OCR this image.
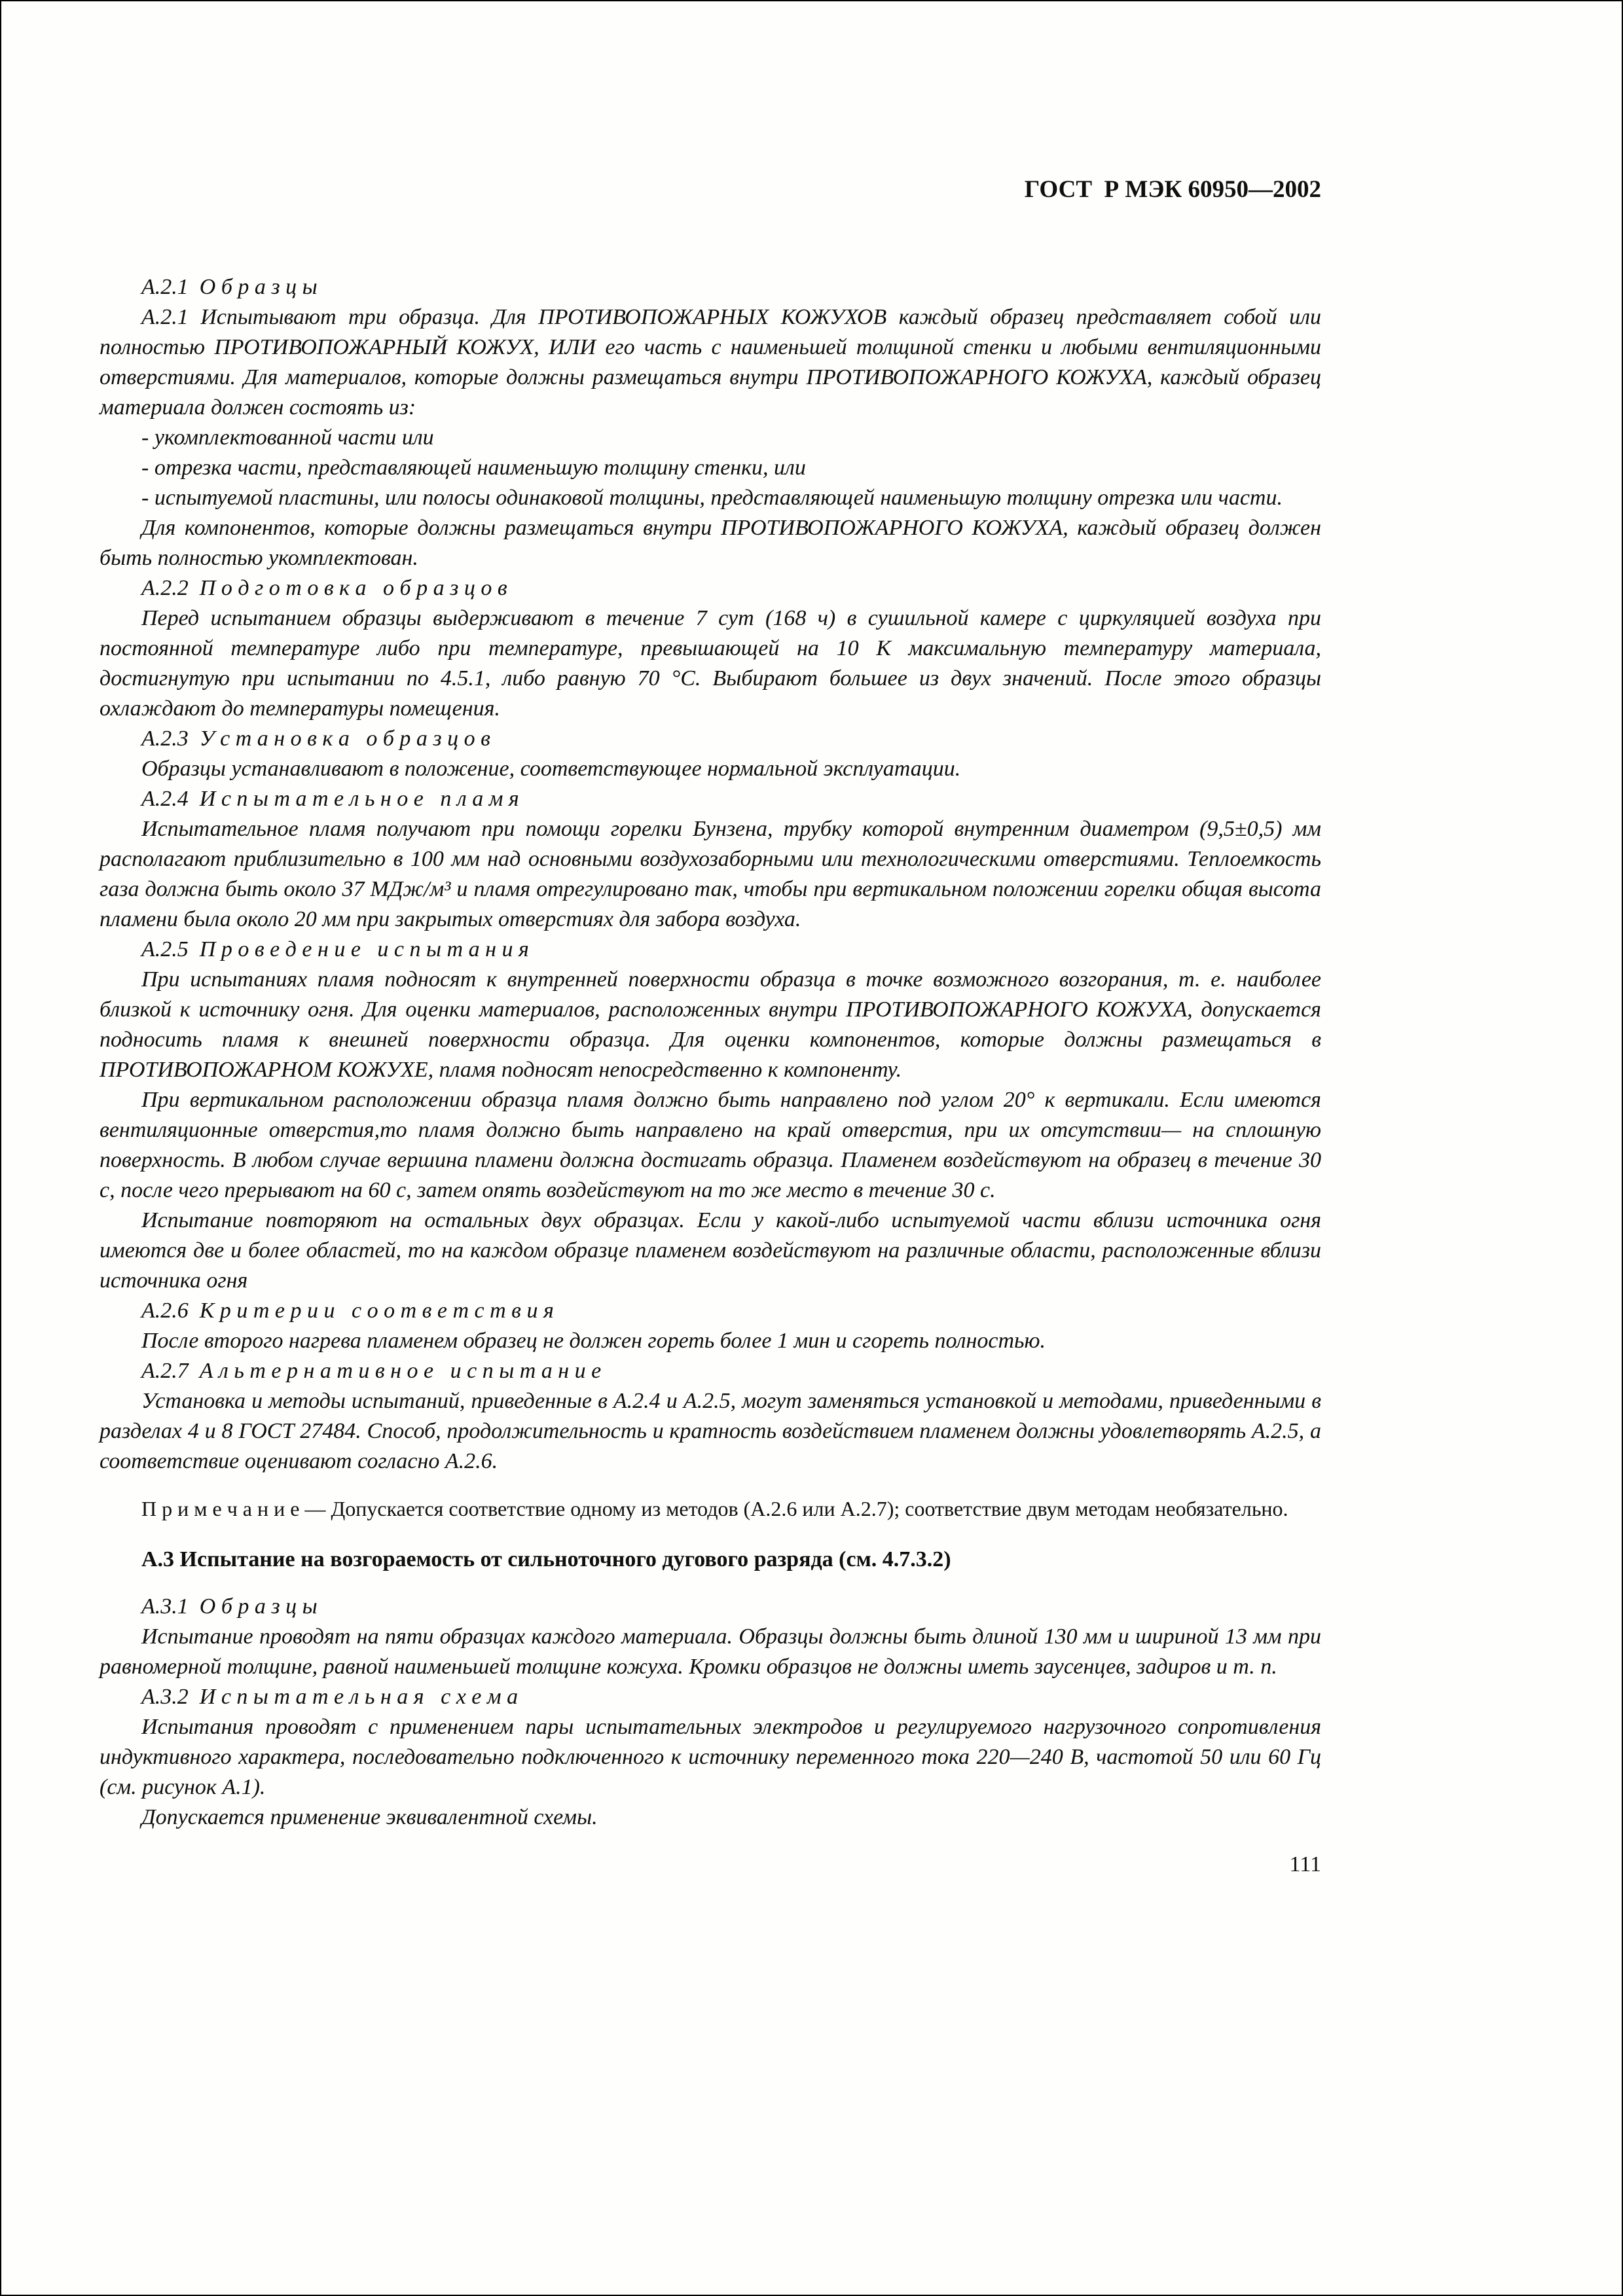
ГОСТ  Р МЭК 60950—2002

А.2.1  О б р а з ц ы

А.2.1 Испытывают три образца. Для ПРОТИВОПОЖАРНЫХ КОЖУХОВ каждый образец представляет собой или полностью ПРОТИВОПОЖАРНЫЙ КОЖУХ, ИЛИ его часть с наименьшей толщиной стенки и любыми вентиляционными отверстиями. Для материалов, которые должны размещаться внутри ПРОТИВОПОЖАРНОГО КОЖУХА, каждый образец материала должен состоять из:

- укомплектованной части или

- отрезка части, представляющей наименьшую толщину стенки, или

- испытуемой пластины, или полосы одинаковой толщины, представляющей наименьшую толщину отрезка или части.

Для компонентов, которые должны размещаться внутри ПРОТИВОПОЖАРНОГО КОЖУХА, каждый образец должен быть полностью укомплектован.

А.2.2  П о д г о т о в к а   о б р а з ц о в

Перед испытанием образцы выдерживают в течение 7 сут (168 ч) в сушильной камере с циркуляцией воздуха при постоянной температуре либо при температуре, превышающей на 10 К максимальную температуру материала, достигнутую при испытании по 4.5.1, либо равную 70 °С. Выбирают большее из двух значений. После этого образцы охлаждают до температуры помещения.

А.2.3  У с т а н о в к а   о б р а з ц о в

Образцы устанавливают в положение, соответствующее нормальной эксплуатации.

А.2.4  И с п ы т а т е л ь н о е   п л а м я

Испытательное пламя получают при помощи горелки Бунзена, трубку которой внутренним диаметром (9,5±0,5) мм располагают приблизительно в 100 мм над основными воздухозаборными или технологическими отверстиями. Теплоемкость газа должна быть около 37 МДж/м³ и пламя отрегулировано так, чтобы при вертикальном положении горелки общая высота пламени была около 20 мм при закрытых отверстиях для забора воздуха.

А.2.5  П р о в е д е н и е   и с п ы т а н и я

При испытаниях пламя подносят к внутренней поверхности образца в точке возможного возгорания, т. е. наиболее близкой к источнику огня. Для оценки материалов, расположенных внутри ПРОТИВОПОЖАРНОГО КОЖУХА, допускается подносить пламя к внешней поверхности образца. Для оценки компонентов, которые должны размещаться в ПРОТИВОПОЖАРНОМ КОЖУХЕ, пламя подносят непосредственно к компоненту.

При вертикальном расположении образца пламя должно быть направлено под углом 20° к вертикали. Если имеются вентиляционные отверстия,то пламя должно быть направлено на край отверстия, при их отсутствии— на сплошную поверхность. В любом случае вершина пламени должна достигать образца. Пламенем воздействуют на образец в течение 30 с, после чего прерывают на 60 с, затем опять воздействуют на то же место в течение 30 с.

Испытание повторяют на остальных двух образцах. Если у какой-либо испытуемой части вблизи источника огня имеются две и более областей, то на каждом образце пламенем воздействуют на различные области, расположенные вблизи источника огня

А.2.6  К р и т е р и и   с о о т в е т с т в и я

После второго нагрева пламенем образец не должен гореть более 1 мин и сгореть полностью.

А.2.7  А л ь т е р н а т и в н о е   и с п ы т а н и е

Установка и методы испытаний, приведенные в А.2.4 и А.2.5, могут заменяться установкой и методами, приведенными в разделах 4 и 8 ГОСТ 27484. Способ, продолжительность и кратность воздействием пламенем должны удовлетворять А.2.5, а соответствие оценивают согласно А.2.6.

П р и м е ч а н и е — Допускается соответствие одному из методов (А.2.6 или А.2.7); соответствие двум методам необязательно.

А.3 Испытание на возгораемость от сильноточного дугового разряда (см. 4.7.3.2)

А.3.1  О б р а з ц ы

Испытание проводят на пяти образцах каждого материала. Образцы должны быть длиной 130 мм и шириной 13 мм при равномерной толщине, равной наименьшей толщине кожуха. Кромки образцов не должны иметь заусенцев, задиров и т. п.

А.3.2  И с п ы т а т е л ь н а я   с х е м а

Испытания проводят с применением пары испытательных электродов и регулируемого нагрузочного сопротивления индуктивного характера, последовательно подключенного к источнику переменного тока 220—240 В, частотой 50 или 60 Гц (см. рисунок А.1).

Допускается применение эквивалентной схемы.

111
